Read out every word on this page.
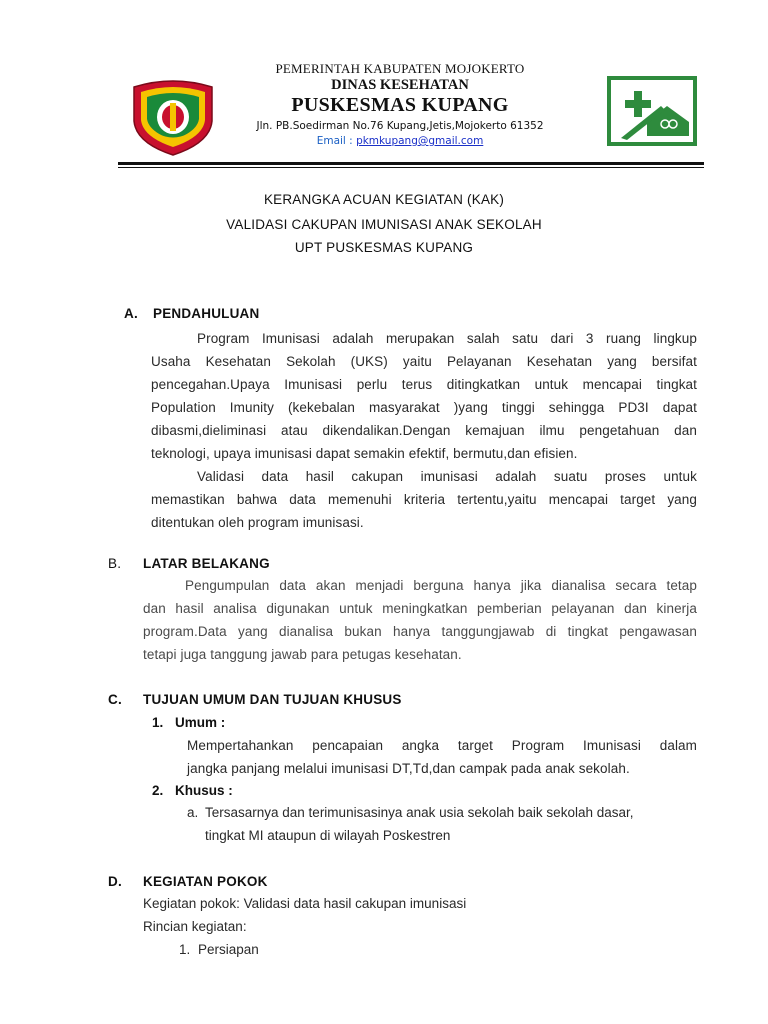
PEMERINTAH KABUPATEN MOJOKERTO
DINAS KESEHATAN
PUSKESMAS KUPANG
Jln. PB.Soedirman No.76 Kupang,Jetis,Mojokerto 61352
Email : pkmkupang@gmail.com
KERANGKA ACUAN KEGIATAN (KAK)
VALIDASI CAKUPAN IMUNISASI ANAK SEKOLAH
UPT PUSKESMAS KUPANG
A. PENDAHULUAN
Program Imunisasi adalah merupakan salah satu dari 3 ruang lingkup
Usaha Kesehatan Sekolah (UKS) yaitu Pelayanan Kesehatan yang bersifat
pencegahan.Upaya Imunisasi perlu terus ditingkatkan untuk mencapai tingkat
Population Imunity (kekebalan masyarakat )yang tinggi sehingga PD3I dapat
dibasmi,dieliminasi atau dikendalikan.Dengan kemajuan ilmu pengetahuan dan
teknologi, upaya imunisasi dapat semakin efektif, bermutu,dan efisien.
Validasi data hasil cakupan imunisasi adalah suatu proses untuk
memastikan bahwa data memenuhi kriteria tertentu,yaitu mencapai target yang
ditentukan oleh program imunisasi.
B. LATAR BELAKANG
Pengumpulan data akan menjadi berguna hanya jika dianalisa secara tetap
dan hasil analisa digunakan untuk meningkatkan pemberian pelayanan dan kinerja
program.Data yang dianalisa bukan hanya tanggungjawab di tingkat pengawasan
tetapi juga tanggung jawab para petugas kesehatan.
C. TUJUAN UMUM DAN TUJUAN KHUSUS
1. Umum :
Mempertahankan pencapaian angka target Program Imunisasi dalam
jangka panjang melalui imunisasi DT,Td,dan campak pada anak sekolah.
2. Khusus :
a. Tersasarnya dan terimunisasinya anak usia sekolah baik sekolah dasar,
tingkat MI ataupun di wilayah Poskestren
D. KEGIATAN POKOK
Kegiatan pokok: Validasi data hasil cakupan imunisasi
Rincian kegiatan:
1. Persiapan
